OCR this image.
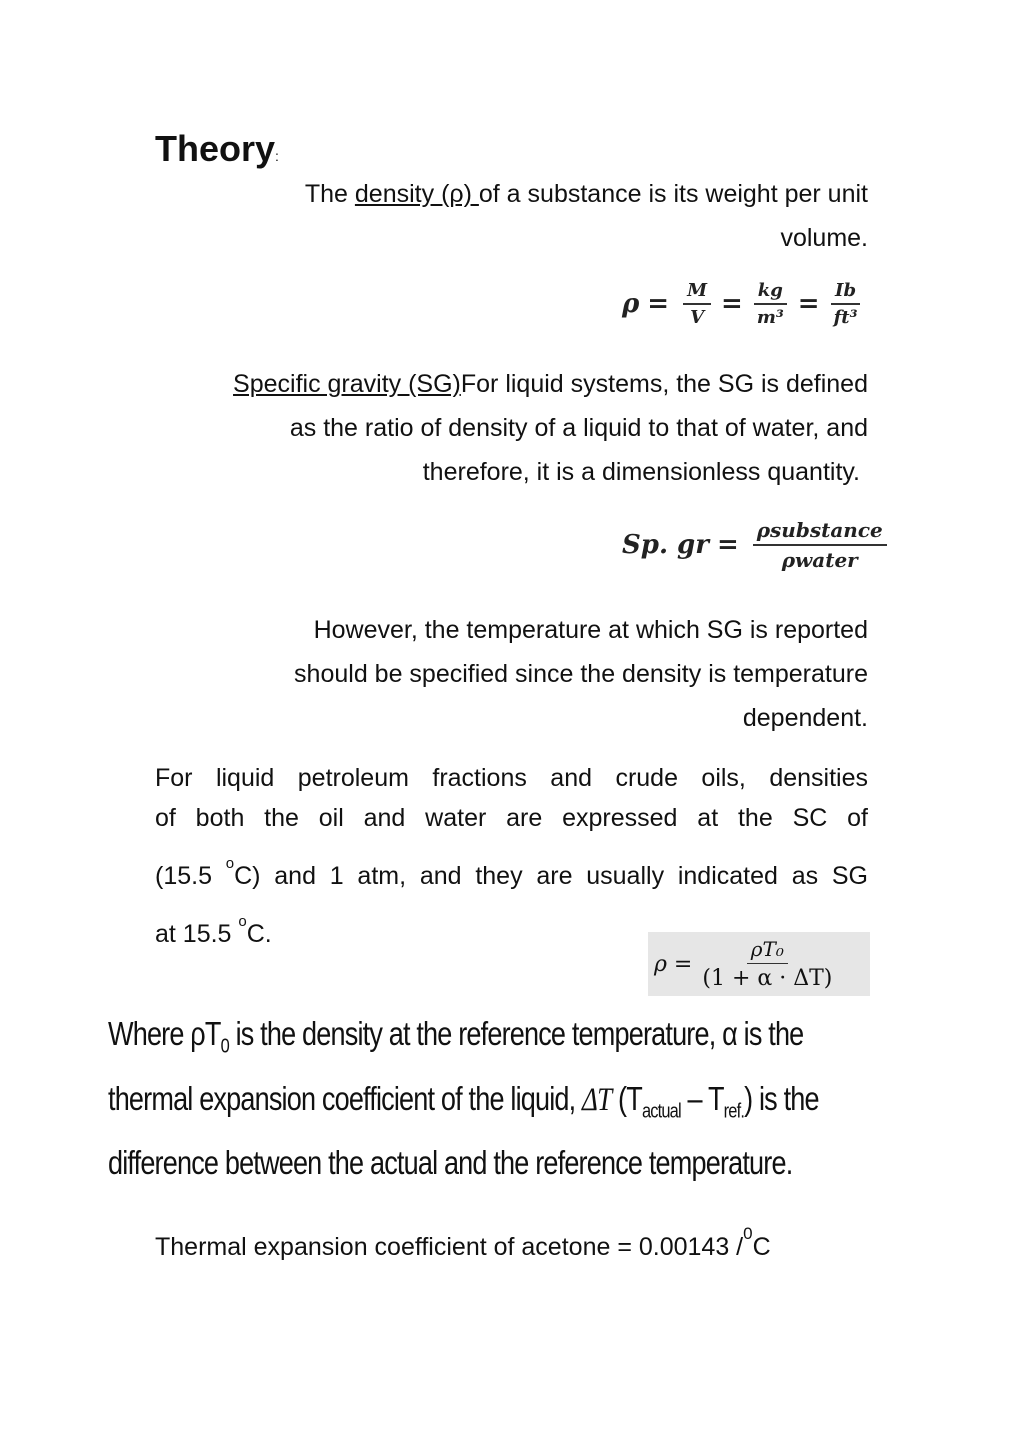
Theory:
The density (ρ) of a substance is its weight per unit
volume.
$\rho = \frac{M}{V} = \frac{kg}{\text{m³}} = \frac{Ib}{\text{ft³}}$
Specific gravity (SG)For liquid systems, the SG is defined
as the ratio of density of a liquid to that of water, and
therefore, it is a dimensionless quantity.
Sp. gr = $\frac{\text{ρsubstance}}{\text{ρwater}}$
However, the temperature at which SG is reported
should be specified since the density is temperature
dependent.
For liquid petroleum fractions and crude oils, densities
of both the oil and water are expressed at the SC of
(15.5 $^o$C) and 1 atm, and they are usually indicated as SG
at 15.5 $^o$C.
$\rho = \frac{\text{ρT₀}}{(1 + \alpha \cdot \Delta T)}$
Where $\rho T_0$ is the density at the reference temperature, α is the
thermal expansion coefficient of the liquid, ΔT $(T_{actual} - T_{ref.})$ is the
difference between the actual and the reference temperature.
Thermal expansion coefficient of acetone = 0.00143 /$^0$C
